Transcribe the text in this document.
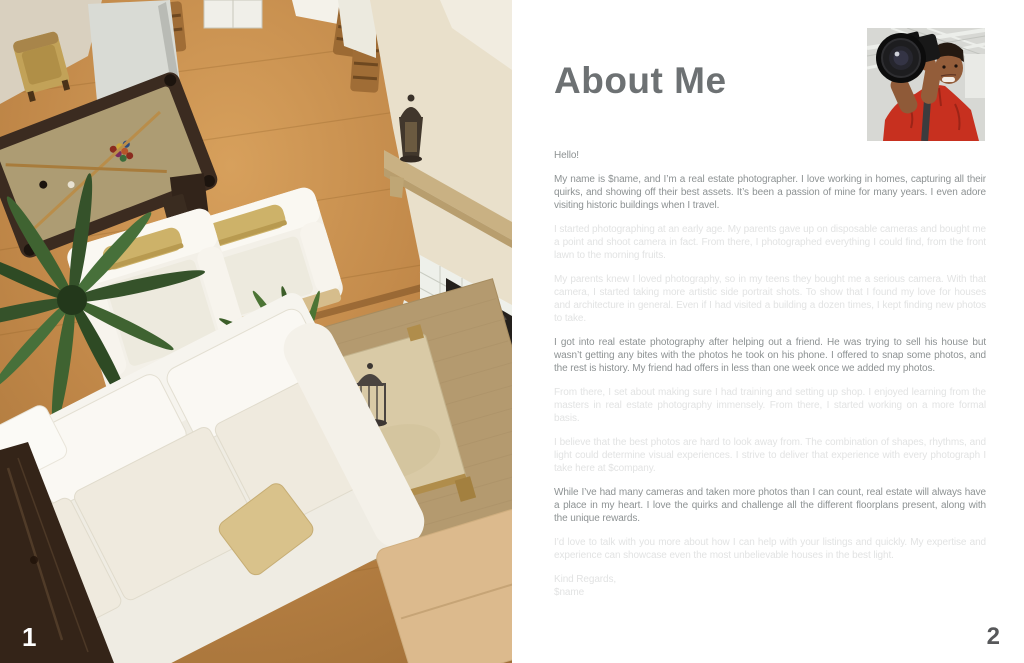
1
About Me

Hello!

My name is $name, and I’m a real estate photographer. I love working in homes, capturing all their quirks, and showing off their best assets. It’s been a passion of mine for many years. I even adore visiting historic buildings when I travel.

I started photographing at an early age. My parents gave up on disposable cameras and bought me a point and shoot camera in fact. From there, I photographed everything I could find, from the front lawn to the morning fruits.

My parents knew I loved photography, so in my teens they bought me a serious camera. With that camera, I started taking more artistic side portrait shots. To show that I found my love for houses and architecture in general. Even if I had visited a building a dozen times, I kept finding new photos to take.

I got into real estate photography after helping out a friend. He was trying to sell his house but wasn’t getting any bites with the photos he took on his phone. I offered to snap some photos, and the rest is history. My friend had offers in less than one week once we added my photos.

From there, I set about making sure I had training and setting up shop. I enjoyed learning from the masters in real estate photography immensely. From there, I started working on a more formal basis.

I believe that the best photos are hard to look away from. The combination of shapes, rhythms, and light could determine visual experiences. I strive to deliver that experience with every photograph I take here at $company.

While I’ve had many cameras and taken more photos than I can count, real estate will always have a place in my heart. I love the quirks and challenge all the different floorplans present, along with the unique rewards.

I’d love to talk with you more about how I can help with your listings and quickly. My expertise and experience can showcase even the most unbelievable houses in the best light.

Kind Regards,
$name

2
